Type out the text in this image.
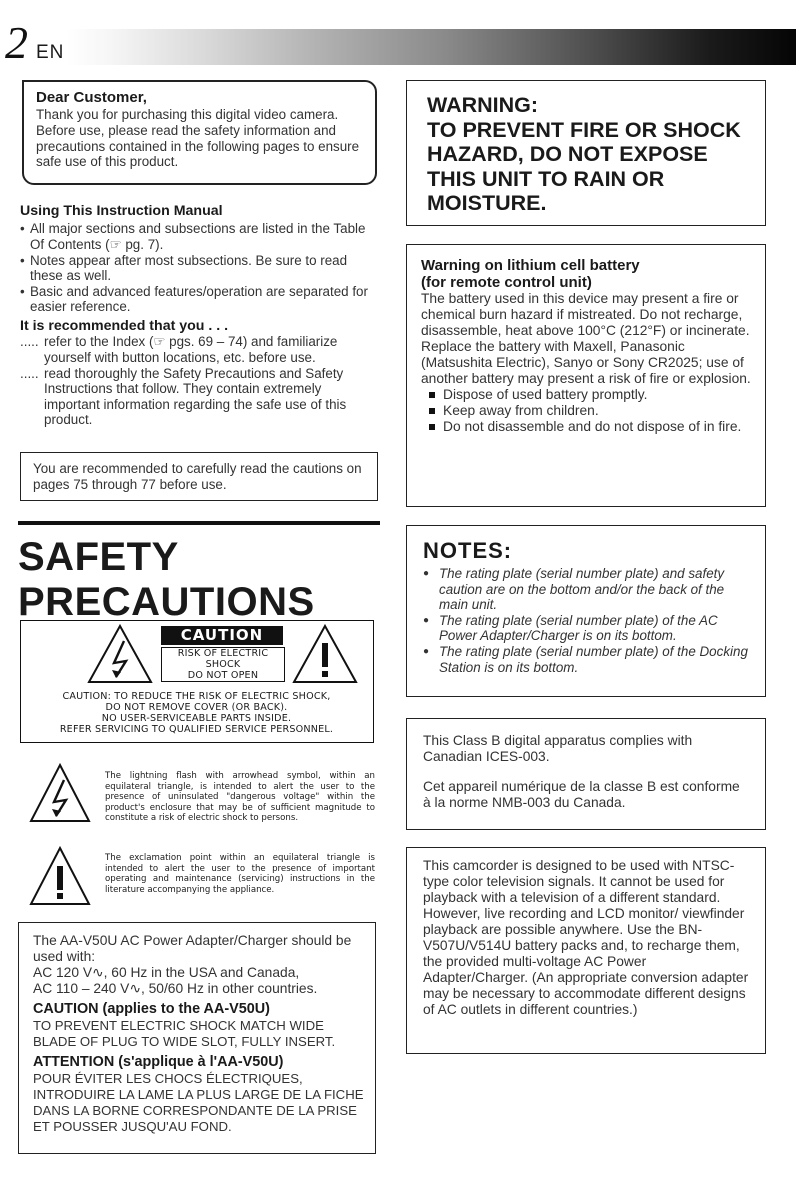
2 EN
Dear Customer,
Thank you for purchasing this digital video camera. Before use, please read the safety information and precautions contained in the following pages to ensure safe use of this product.
Using This Instruction Manual
• All major sections and subsections are listed in the Table Of Contents (☞ pg. 7).
• Notes appear after most subsections. Be sure to read these as well.
• Basic and advanced features/operation are separated for easier reference.
It is recommended that you . . .
..... refer to the Index (☞ pgs. 69 – 74) and familiarize yourself with button locations, etc. before use.
..... read thoroughly the Safety Precautions and Safety Instructions that follow. They contain extremely important information regarding the safe use of this product.
You are recommended to carefully read the cautions on pages 75 through 77 before use.
WARNING:
TO PREVENT FIRE OR SHOCK
HAZARD, DO NOT EXPOSE
THIS UNIT TO RAIN OR
MOISTURE.
Warning on lithium cell battery
(for remote control unit)
The battery used in this device may present a fire or chemical burn hazard if mistreated. Do not recharge, disassemble, heat above 100°C (212°F) or incinerate.
Replace the battery with Maxell, Panasonic (Matsushita Electric), Sanyo or Sony CR2025; use of another battery may present a risk of fire or explosion.
Dispose of used battery promptly.
Keep away from children.
Do not disassemble and do not dispose of in fire.
SAFETY
PRECAUTIONS
CAUTION
RISK OF ELECTRIC SHOCK
DO NOT OPEN
CAUTION: TO REDUCE THE RISK OF ELECTRIC SHOCK,
DO NOT REMOVE COVER (OR BACK).
NO USER-SERVICEABLE PARTS INSIDE.
REFER SERVICING TO QUALIFIED SERVICE PERSONNEL.
The lightning flash with arrowhead symbol, within an equilateral triangle, is intended to alert the user to the presence of uninsulated "dangerous voltage" within the product's enclosure that may be of sufficient magnitude to constitute a risk of electric shock to persons.
The exclamation point within an equilateral triangle is intended to alert the user to the presence of important operating and maintenance (servicing) instructions in the literature accompanying the appliance.
The AA-V50U AC Power Adapter/Charger should be used with:
AC 120 V∿, 60 Hz in the USA and Canada,
AC 110 – 240 V∿, 50/60 Hz in other countries.
CAUTION (applies to the AA-V50U)
TO PREVENT ELECTRIC SHOCK MATCH WIDE BLADE OF PLUG TO WIDE SLOT, FULLY INSERT.
ATTENTION (s'applique à l'AA-V50U)
POUR ÉVITER LES CHOCS ÉLECTRIQUES, INTRODUIRE LA LAME LA PLUS LARGE DE LA FICHE DANS LA BORNE CORRESPONDANTE DE LA PRISE ET POUSSER JUSQU'AU FOND.
NOTES:
● The rating plate (serial number plate) and safety caution are on the bottom and/or the back of the main unit.
● The rating plate (serial number plate) of the AC Power Adapter/Charger is on its bottom.
● The rating plate (serial number plate) of the Docking Station is on its bottom.
This Class B digital apparatus complies with Canadian ICES-003.
Cet appareil numérique de la classe B est conforme à la norme NMB-003 du Canada.
This camcorder is designed to be used with NTSC-type color television signals. It cannot be used for playback with a television of a different standard. However, live recording and LCD monitor/ viewfinder playback are possible anywhere. Use the BN-V507U/V514U battery packs and, to recharge them, the provided multi-voltage AC Power Adapter/Charger. (An appropriate conversion adapter may be necessary to accommodate different designs of AC outlets in different countries.)
